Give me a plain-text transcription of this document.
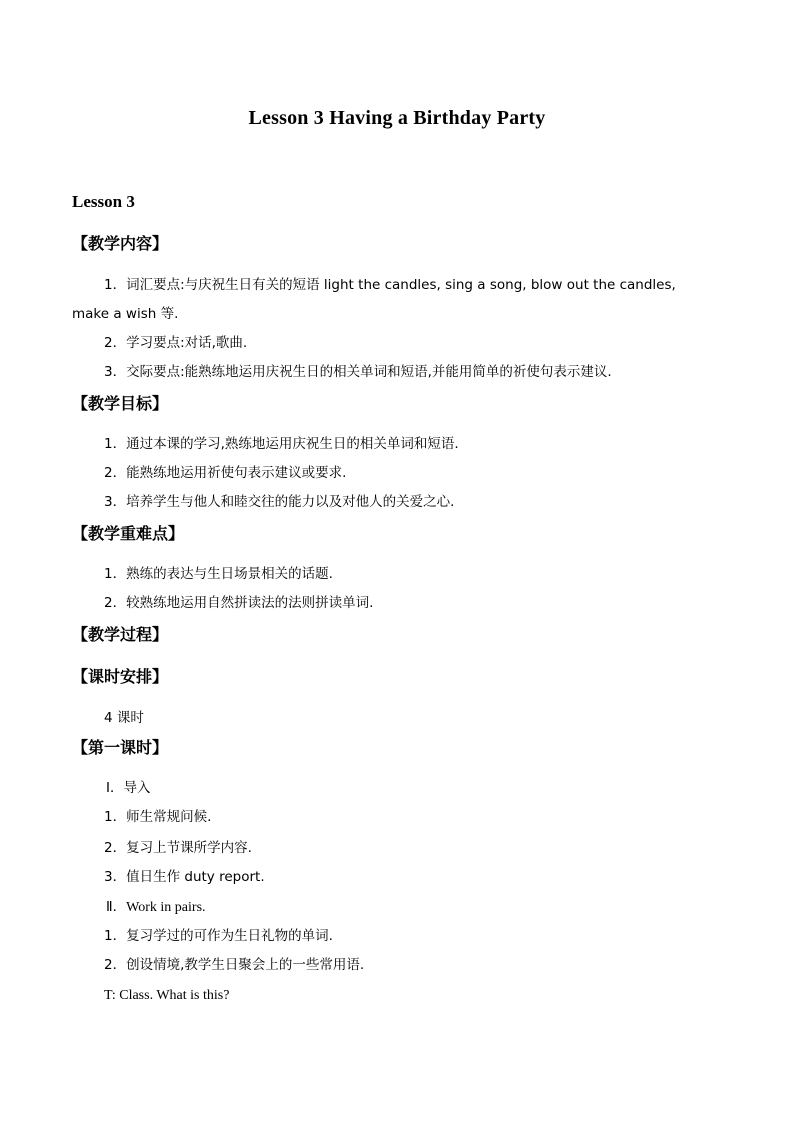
Lesson 3 Having a Birthday Party
Lesson 3
【教学内容】
1．词汇要点:与庆祝生日有关的短语 light the candles, sing a song, blow out the candles,
make a wish 等.
2．学习要点:对话,歌曲.
3．交际要点:能熟练地运用庆祝生日的相关单词和短语,并能用简单的祈使句表示建议.
【教学目标】
1．通过本课的学习,熟练地运用庆祝生日的相关单词和短语.
2．能熟练地运用祈使句表示建议或要求.
3．培养学生与他人和睦交往的能力以及对他人的关爱之心.
【教学重难点】
1．熟练的表达与生日场景相关的话题.
2．较熟练地运用自然拼读法的法则拼读单词.
【教学过程】
【课时安排】
4 课时
【第一课时】
Ⅰ．导入
1．师生常规问候.
2．复习上节课所学内容.
3．值日生作 duty report.
Ⅱ．Work in pairs.
1．复习学过的可作为生日礼物的单词.
2．创设情境,教学生日聚会上的一些常用语.
T: Class. What is this?
